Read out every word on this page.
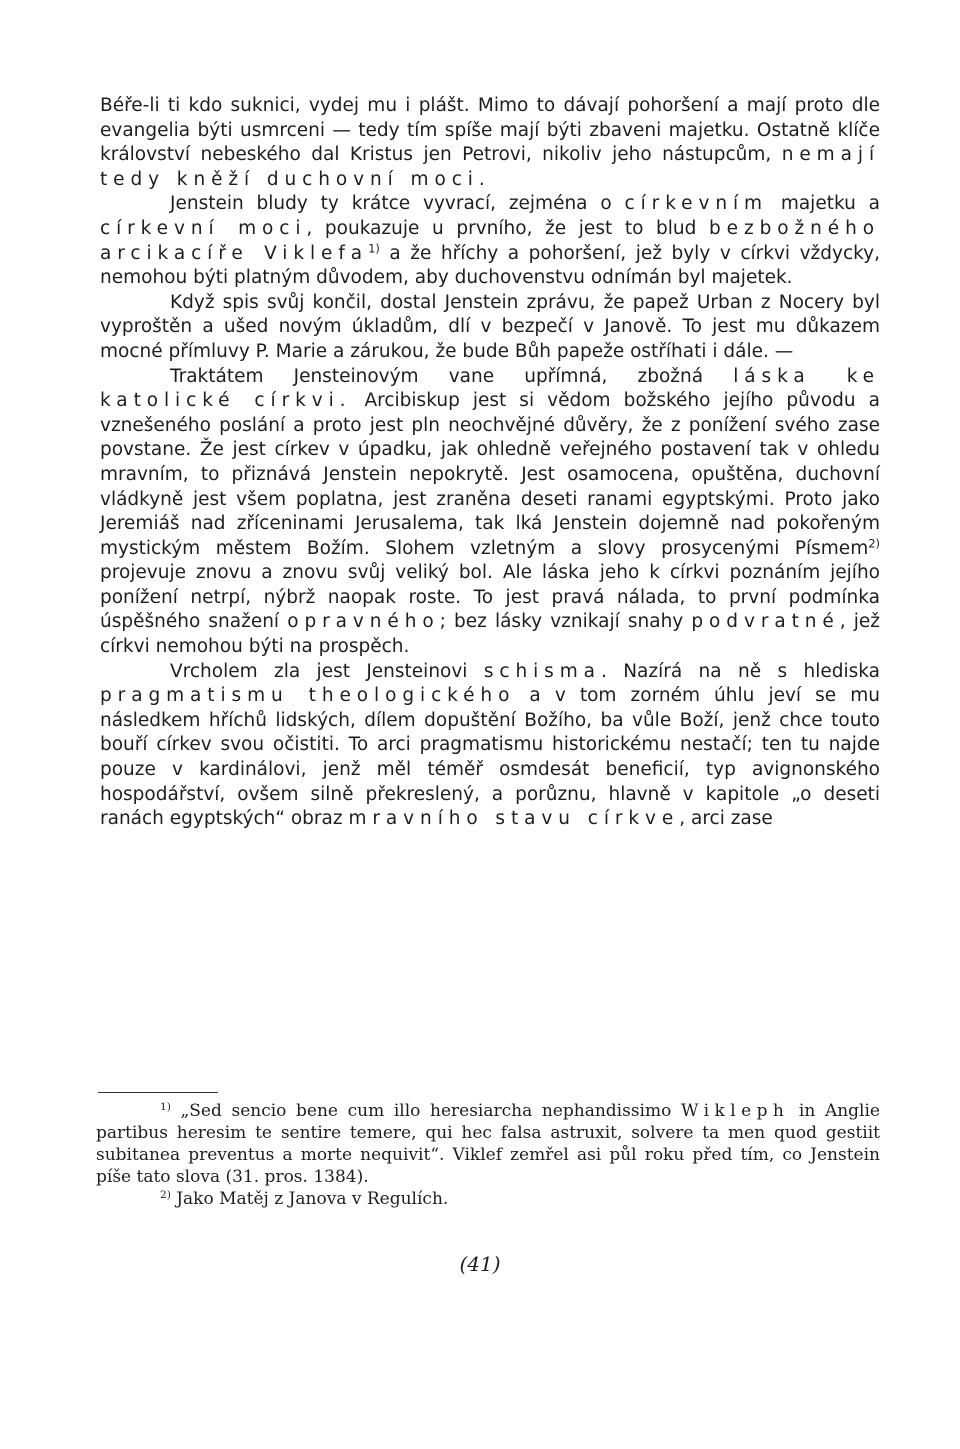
Béře-li ti kdo suknici, vydej mu i plášt. Mimo to dávají pohoršení a mají proto dle evangelia býti usmrceni — tedy tím spíše mají býti zbaveni majetku. Ostatně klíče království nebeského dal Kristus jen Petrovi, nikoliv jeho nástupcům, nemají tedy kněží duchovní moci.

Jenstein bludy ty krátce vyvrací, zejména o církevním majetku a církevní moci, poukazuje u prvního, že jest to blud bezbožného arcikacíře Viklefa$^{1)}$ a že hříchy a pohoršení, jež byly v církvi vždycky, nemohou býti platným důvodem, aby duchovenstvu odnímán byl majetek.

Když spis svůj končil, dostal Jenstein zprávu, že papež Urban z Nocery byl vyproštěn a ušed novým úkladům, dlí v bezpečí v Janově. To jest mu důkazem mocné přímluvy P. Marie a zárukou, že bude Bůh papeže ostříhati i dále. —

Traktátem Jensteinovým vane upřímná, zbožná láska ke katolické církvi. Arcibiskup jest si vědom božského jejího původu a vznešeného poslání a proto jest pln neochvějné důvěry, že z ponížení svého zase povstane. Že jest církev v úpadku, jak ohledně veřejného postavení tak v ohledu mravním, to přiznává Jenstein nepokrytě. Jest osamocena, opuštěna, duchovní vládkyně jest všem poplatna, jest zraněna deseti ranami egyptskými. Proto jako Jeremiáš nad zříceninami Jerusalema, tak lká Jenstein dojemně nad pokořeným mystickým městem Božím. Slohem vzletným a slovy prosycenými Písmem$^{2)}$ projevuje znovu a znovu svůj veliký bol. Ale láska jeho k církvi poznáním jejího ponížení netrpí, nýbrž naopak roste. To jest pravá nálada, to první podmínka úspěšného snažení opravného; bez lásky vznikají snahy podvratné, jež církvi nemohou býti na prospěch.

Vrcholem zla jest Jensteinovi schisma. Nazírá na ně s hlediska pragmatismu theologického a v tom zorném úhlu jeví se mu následkem hříchů lidských, dílem dopuštění Božího, ba vůle Boží, jenž chce touto bouří církev svou očistiti. To arci pragmatismu historickému nestačí; ten tu najde pouze v kardinálovi, jenž měl téměř osmdesát beneficií, typ avignonského hospodářství, ovšem silně překreslený, a porůznu, hlavně v kapitole „o deseti ranách egyptských“ obraz mravního stavu církve, arci zase

$^{1)}$ „Sed sencio bene cum illo heresiarcha nephandissimo Wikleph in Anglie partibus heresim te sentire temere, qui hec falsa astruxit, solvere ta men quod gestiit subitanea preventus a morte nequivit“. Viklef zemřel asi půl roku před tím, co Jenstein píše tato slova (31. pros. 1384).

$^{2)}$ Jako Matěj z Janova v Regulích.

(41)
